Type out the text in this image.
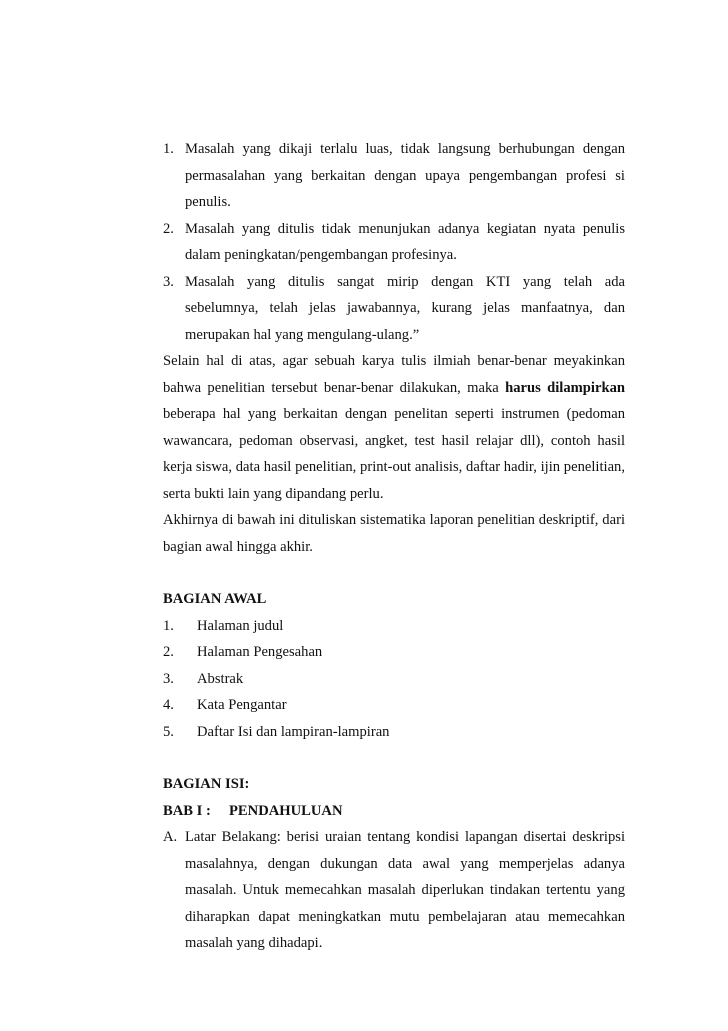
1. Masalah yang dikaji terlalu luas, tidak langsung berhubungan dengan
permasalahan yang berkaitan dengan upaya pengembangan profesi si
penulis.
2. Masalah yang ditulis tidak menunjukan adanya kegiatan nyata penulis
dalam peningkatan/pengembangan profesinya.
3. Masalah yang ditulis sangat mirip dengan KTI yang telah ada
sebelumnya, telah jelas jawabannya, kurang jelas manfaatnya, dan
merupakan hal yang mengulang-ulang.”

Selain hal di atas, agar sebuah karya tulis ilmiah benar-benar meyakinkan bahwa penelitian tersebut benar-benar dilakukan, maka harus dilampirkan beberapa hal yang berkaitan dengan penelitan seperti instrumen (pedoman wawancara, pedoman observasi, angket, test hasil relajar dll), contoh hasil kerja siswa, data hasil penelitian, print-out analisis, daftar hadir, ijin penelitian, serta bukti lain yang dipandang perlu.

Akhirnya di bawah ini dituliskan sistematika laporan penelitian deskriptif, dari bagian awal hingga akhir.

BAGIAN AWAL

1.	Halaman judul
2.	Halaman Pengesahan
3.	Abstrak
4.	Kata Pengantar
5.	Daftar Isi dan lampiran-lampiran

BAGIAN ISI:

BAB I :	PENDAHULUAN
A. Latar Belakang: berisi uraian tentang kondisi lapangan disertai deskripsi
masalahnya, dengan dukungan data awal yang memperjelas adanya
masalah. Untuk memecahkan masalah diperlukan tindakan tertentu yang
diharapkan dapat meningkatkan mutu pembelajaran atau memecahkan
masalah yang dihadapi.
